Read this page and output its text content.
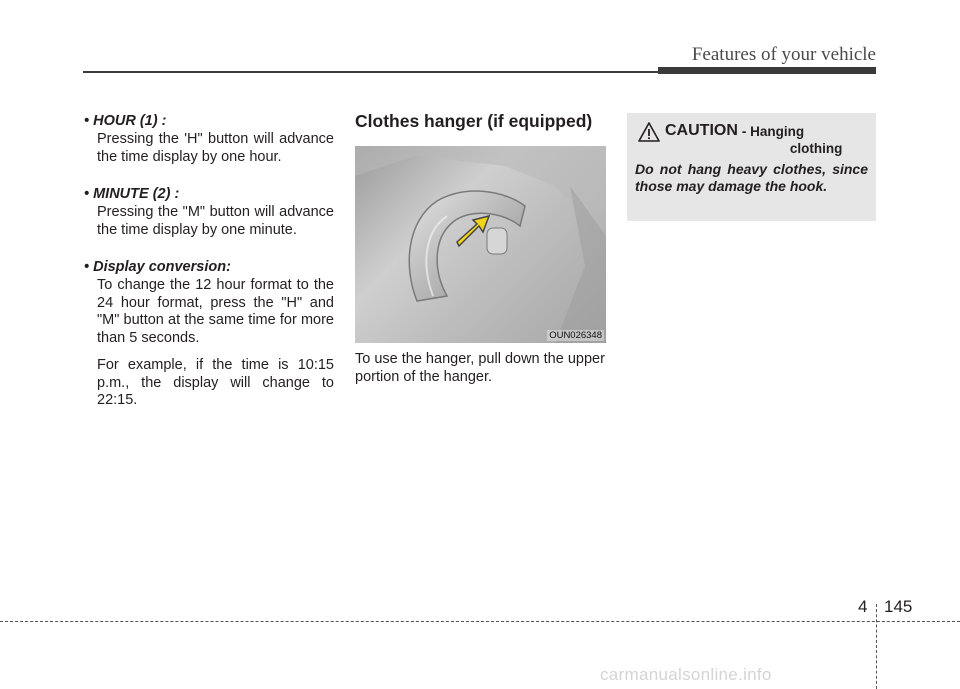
Features of your vehicle

• HOUR (1) :

Pressing the 'H" button will advance the time display by one hour.

• MINUTE (2) :

Pressing the "M" button will advance the time display by one minute.

• Display conversion:

To change the 12 hour format to the 24 hour format, press the "H" and "M" button at the same time for more than 5 seconds.

For example, if the time is 10:15 p.m., the display will change to 22:15.

Clothes hanger (if equipped)
OUN026348

To use the hanger, pull down the upper portion of the hanger.

CAUTION - Hanging
clothing

Do not hang heavy clothes, since those may damage the hook.

4 145
carmanualsonline.info
